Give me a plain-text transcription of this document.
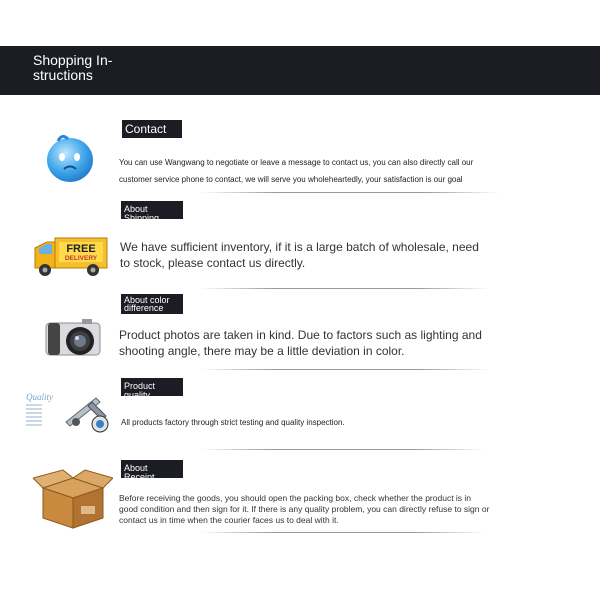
Shopping In-structions
Contact Us
You can use Wangwang to negotiate or leave a message to contact us, you can also directly call our customer service phone to contact, we will serve you wholeheartedly, your satisfaction is our goal
About Shipping
FREE
DELIVERY
We have sufficient inventory, if it is a large batch of wholesale, need to stock, please contact us directly.
About color difference
Product photos are taken in kind. Due to factors such as lighting and shooting angle, there may be a little deviation in color.
Product quality
Quality
All products factory through strict testing and quality inspection.
About Receipt
Before receiving the goods, you should open the packing box, check whether the product is in good condition and then sign for it. If there is any quality problem, you can directly refuse to sign or contact us in time when the courier faces us to deal with it.
